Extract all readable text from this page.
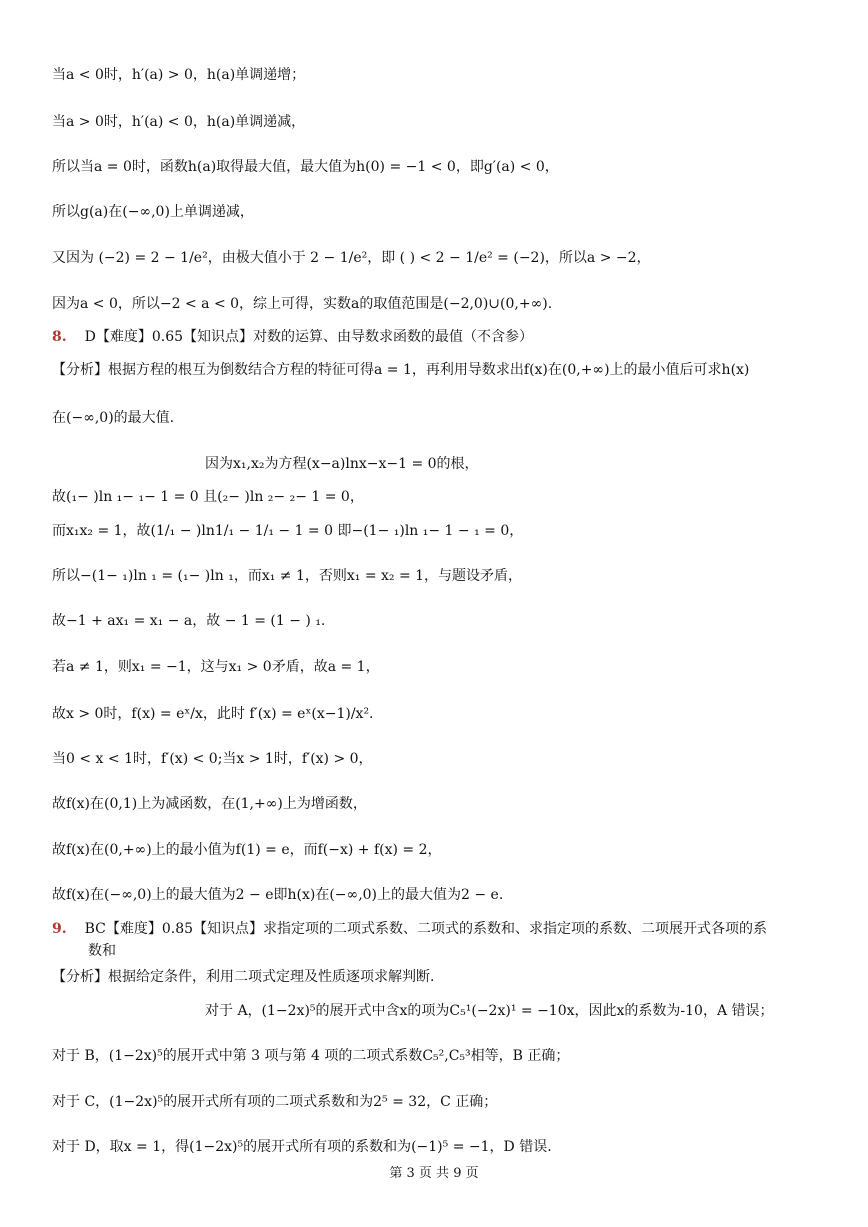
当a < 0时，h′(a) > 0，h(a)单调递增；
当a > 0时，h′(a) < 0，h(a)单调递减，
所以当a = 0时，函数h(a)取得最大值，最大值为h(0) = −1 < 0，即g′(a) < 0，
所以g(a)在(−∞,0)上单调递减，
又因为 (−2) = 2 − 1/e²，由极大值小于 2 − 1/e²，即 ( ) < 2 − 1/e² = (−2)，所以a > −2，
因为a < 0，所以−2 < a < 0，综上可得，实数a的取值范围是(−2,0)∪(0,+∞).
8. D【难度】0.65【知识点】对数的运算、由导数求函数的最值（不含参）
【分析】根据方程的根互为倒数结合方程的特征可得a = 1，再利用导数求出f(x)在(0,+∞)上的最小值后可求h(x)
在(−∞,0)的最大值.
因为x₁,x₂为方程(x−a)lnx−x−1 = 0的根，
故(₁− )ln ₁− ₁− 1 = 0 且(₂− )ln ₂− ₂− 1 = 0，
而x₁x₂ = 1，故(1/₁ − )ln1/₁ − 1/₁ − 1 = 0 即−(1− ₁)ln ₁− 1 − ₁ = 0，
所以−(1− ₁)ln ₁ = (₁− )ln ₁，而x₁ ≠ 1，否则x₁ = x₂ = 1，与题设矛盾，
故−1 + ax₁ = x₁ − a，故 − 1 = (1 − ) ₁.
若a ≠ 1，则x₁ = −1，这与x₁ > 0矛盾，故a = 1，
故x > 0时，f(x) = eˣ/x，此时 f′(x) = eˣ(x−1)/x².
当0 < x < 1时，f′(x) < 0;当x > 1时，f′(x) > 0，
故f(x)在(0,1)上为减函数，在(1,+∞)上为增函数，
故f(x)在(0,+∞)上的最小值为f(1) = e，而f(−x) + f(x) = 2，
故f(x)在(−∞,0)上的最大值为2 − e即h(x)在(−∞,0)上的最大值为2 − e.
9. BC【难度】0.85【知识点】求指定项的二项式系数、二项式的系数和、求指定项的系数、二项展开式各项的系
数和
【分析】根据给定条件，利用二项式定理及性质逐项求解判断.
对于 A，(1−2x)⁵的展开式中含x的项为C₅¹(−2x)¹ = −10x，因此x的系数为-10，A 错误；
对于 B，(1−2x)⁵的展开式中第 3 项与第 4 项的二项式系数C₅²,C₅³相等，B 正确；
对于 C，(1−2x)⁵的展开式所有项的二项式系数和为2⁵ = 32，C 正确；
对于 D，取x = 1，得(1−2x)⁵的展开式所有项的系数和为(−1)⁵ = −1，D 错误.
第 3 页 共 9 页
